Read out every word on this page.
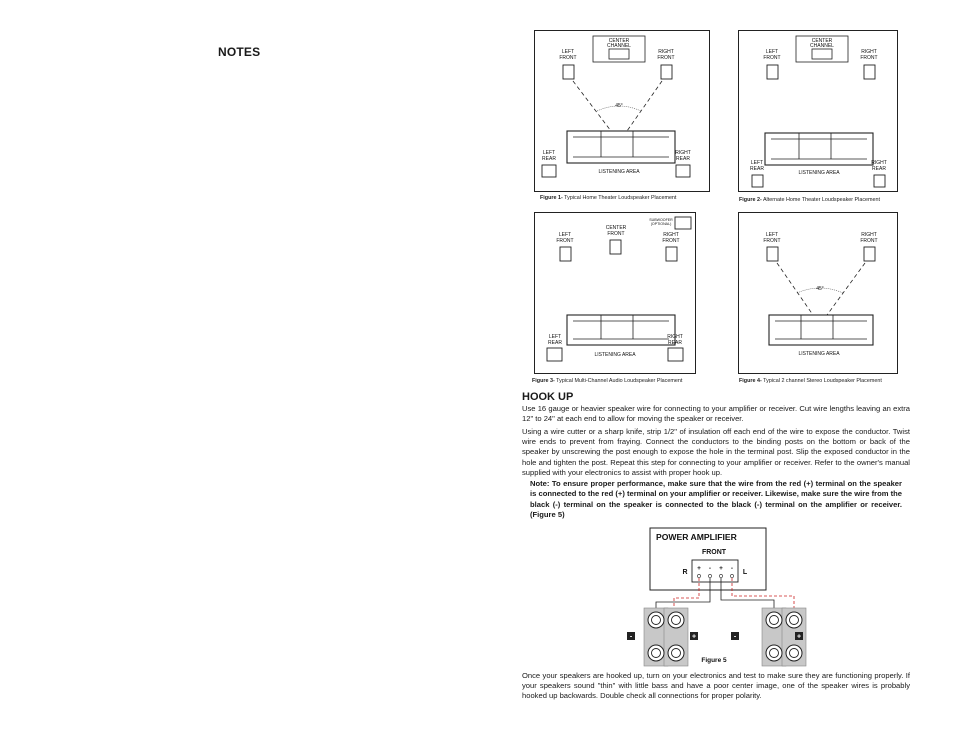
NOTES
CENTER
CHANNEL
LEFT
FRONT
RIGHT
FRONT
45°
LISTENING AREA
LEFT
REAR
RIGHT
REAR
Figure 1- Typical Home Theater Loudspeaker Placement
CENTER
CHANNEL
LEFT
FRONT
RIGHT
FRONT
LISTENING AREA
LEFT
REAR
RIGHT
REAR
Figure 2- Alternate Home Theater Loudspeaker Placement
SUBWOOFER
(OPTIONAL)
LEFT
FRONT
CENTER
FRONT	RIGHT
FRONT
LISTENING AREA
LEFT
REAR
RIGHT
REAR
Figure 3- Typical Multi-Channel Audio Loudspeaker Placement
LEFT
FRONT
RIGHT
FRONT
45°
LISTENING AREA
Figure 4- Typical 2 channel Stereo Loudspeaker Placement
HOOK UP
Use 16 gauge or heavier speaker wire for connecting to your amplifier or receiver. Cut wire lengths leaving an extra 12" to 24" at each end to allow for moving the speaker or receiver.
Using a wire cutter or a sharp knife, strip 1/2" of insulation off each end of the wire to expose the conductor. Twist wire ends to prevent from fraying. Connect the conductors to the binding posts on the bottom or back of the speaker by unscrewing the post enough to expose the hole in the terminal post. Slip the exposed conductor in the hole and tighten the post. Repeat this step for connecting to your amplifier or receiver. Refer to the owner's manual supplied with your electronics to assist with proper hook up.
Note: To ensure proper performance, make sure that the wire from the red (+) terminal on the speaker is connected to the red (+) terminal on your amplifier or receiver. Likewise, make sure the wire from the black (-) terminal on the speaker is connected to the black (-) terminal on the amplifier or receiver. (Figure 5)
POWER AMPLIFIER
FRONT
R	L
+ - + -
-	+	-	+
Figure 5
Once your speakers are hooked up, turn on your electronics and test to make sure they are functioning properly. If your speakers sound "thin" with little bass and have a poor center image, one of the speaker wires is probably hooked up backwards. Double check all connections for proper polarity.
